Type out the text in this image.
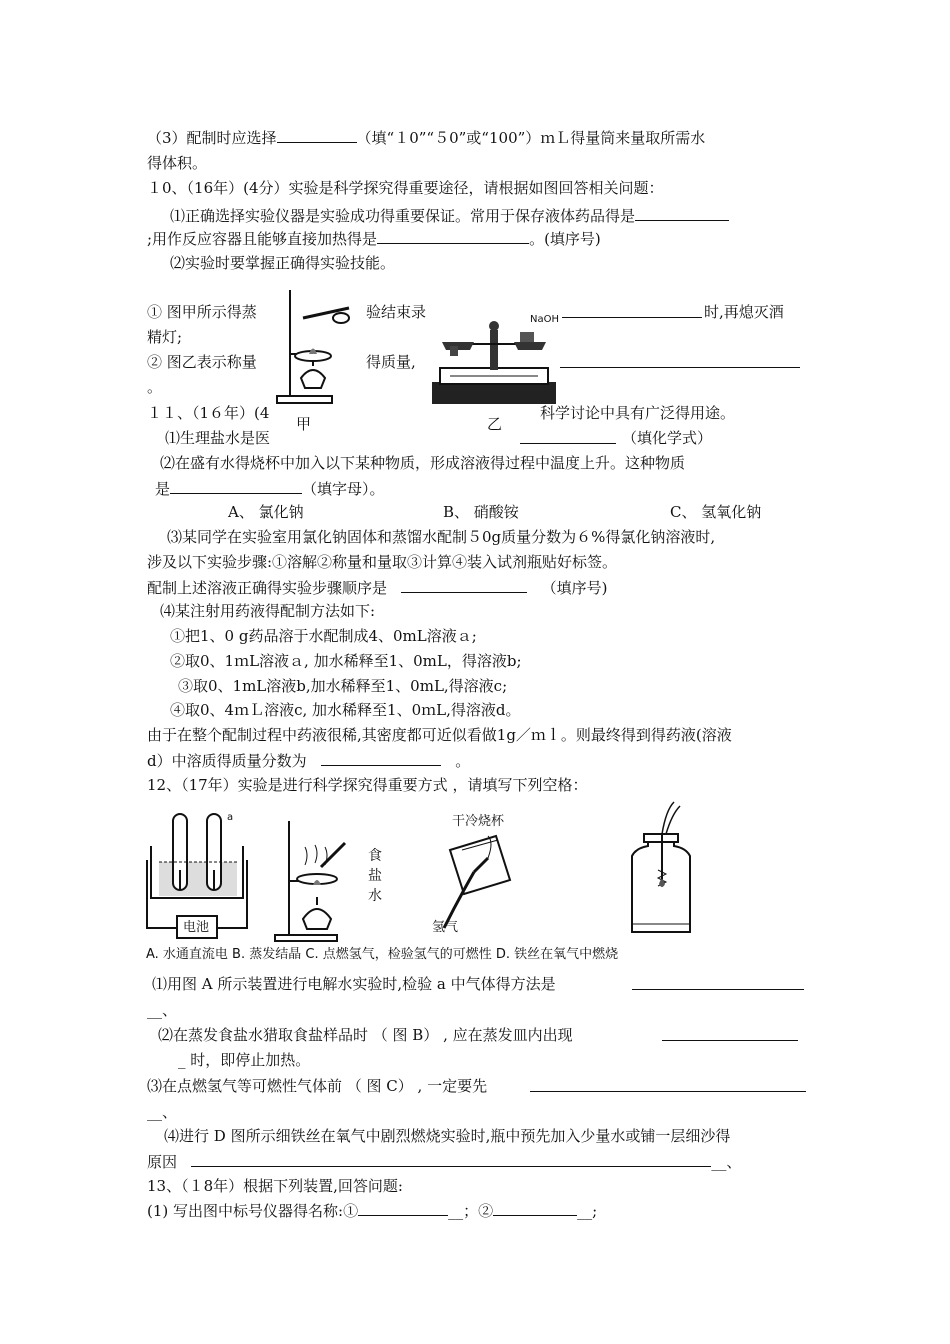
（3）配制时应选择	（填“１0”“５0”或“100”）ｍＬ得量筒来量取所需水
得体积。
１0、（16年）(4分）实验是科学探究得重要途径，请根据如图回答相关问题：
⑴正确选择实验仪器是实验成功得重要保证。常用于保存液体药品得是
;用作反应容器且能够直接加热得是	。(填序号)
⑵实验时要掌握正确得实验技能。
① 图甲所示得蒸	验结束录	时,再熄灭酒
精灯;
② 图乙表示称量	得质量,
。
甲
NaOH
乙
１１、（1６年）(4	科学讨论中具有广泛得用途。
⑴生理盐水是医	（填化学式）
⑵在盛有水得烧杯中加入以下某种物质，形成溶液得过程中温度上升。这种物质
是	（填字母）。
A、 氯化钠	B、 硝酸铵	C、 氢氧化钠
⑶某同学在实验室用氯化钠固体和蒸馏水配制５0g质量分数为６%得氯化钠溶液时,
涉及以下实验步骤:①溶解②称量和量取③计算④装入试剂瓶贴好标签。
配制上述溶液正确得实验步骤顺序是	（填序号)
⑷某注射用药液得配制方法如下:
①把1、0 g药品溶于水配制成4、0mL溶液ａ;
②取0、1ｍL溶液ａ, 加水稀释至1、0mL，得溶液b;
③取0、1mL溶液b,加水稀释至1、0mL,得溶液c;
④取0、4ｍＬ溶液c, 加水稀释至1、0ｍL,得溶液d。
由于在整个配制过程中药液很稀,其密度都可近似看做1g／ｍｌ。则最终得到得药液(溶液
d）中溶质得质量分数为	。
12、（17年）实验是进行科学探究得重要方式 ，请填写下列空格：
a
电池
食
盐
水
干冷烧杯
氢气
A. 水通直流电 B. 蒸发结晶 C. 点燃氢气，检验氢气的可燃性 D. 铁丝在氧气中燃烧
⑴用图 A 所示装置进行电解水实验时,检验 a 中气体得方法是
__、
⑵在蒸发食盐水猎取食盐样品时 （ 图 B） , 应在蒸发皿内出现
_ 时，即停止加热。
⑶在点燃氢气等可燃性气体前 （ 图 C） , 一定要先
__、
⑷进行 D 图所示细铁丝在氧气中剧烈燃烧实验时,瓶中预先加入少量水或铺一层细沙得
原因	__、
13、（１8年）根据下列装置,回答问题:
(1) 写出图中标号仪器得名称:①	__；②	__;
